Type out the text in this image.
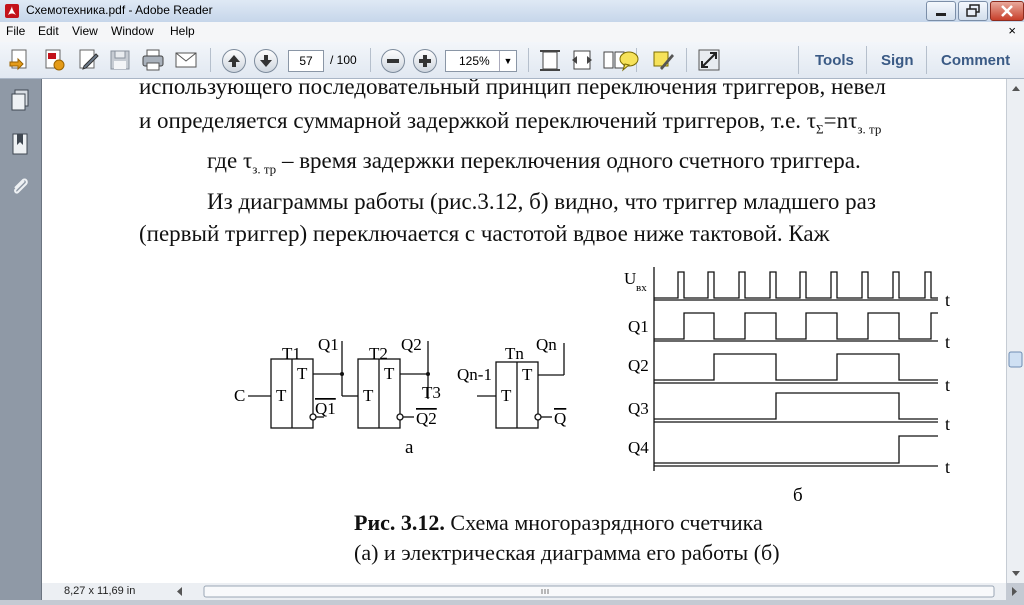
Схемотехника.pdf - Adobe Reader
File Edit View Window Help	×
57	/ 100	125%	▼	Tools Sign Comment
использующего последовательный принцип переключения триггеров, невел
и определяется суммарной задержкой переключений триггеров, т.е. $\tau_\Sigma=n\tau_{з. тр}$
где $\tau_{з. тр}$ – время задержки переключения одного счетного триггера.
Из диаграммы работы (рис.3.12, б) видно, что триггер младшего раз
(первый триггер) переключается с частотой вдвое ниже тактовой. Каж
C
T1
T
T
Q1
Q1
T2
T
T
Q2
T3
Q2
Tn
Qn-1
T
T
Qn
Q
а
U вх
Q1
Q2
Q3
Q4
t
t
t
t
t
б
Рис. 3.12. Схема многоразрядного счетчика
(а) и электрическая диаграмма его работы (б)
8,27 x 11,69 in
